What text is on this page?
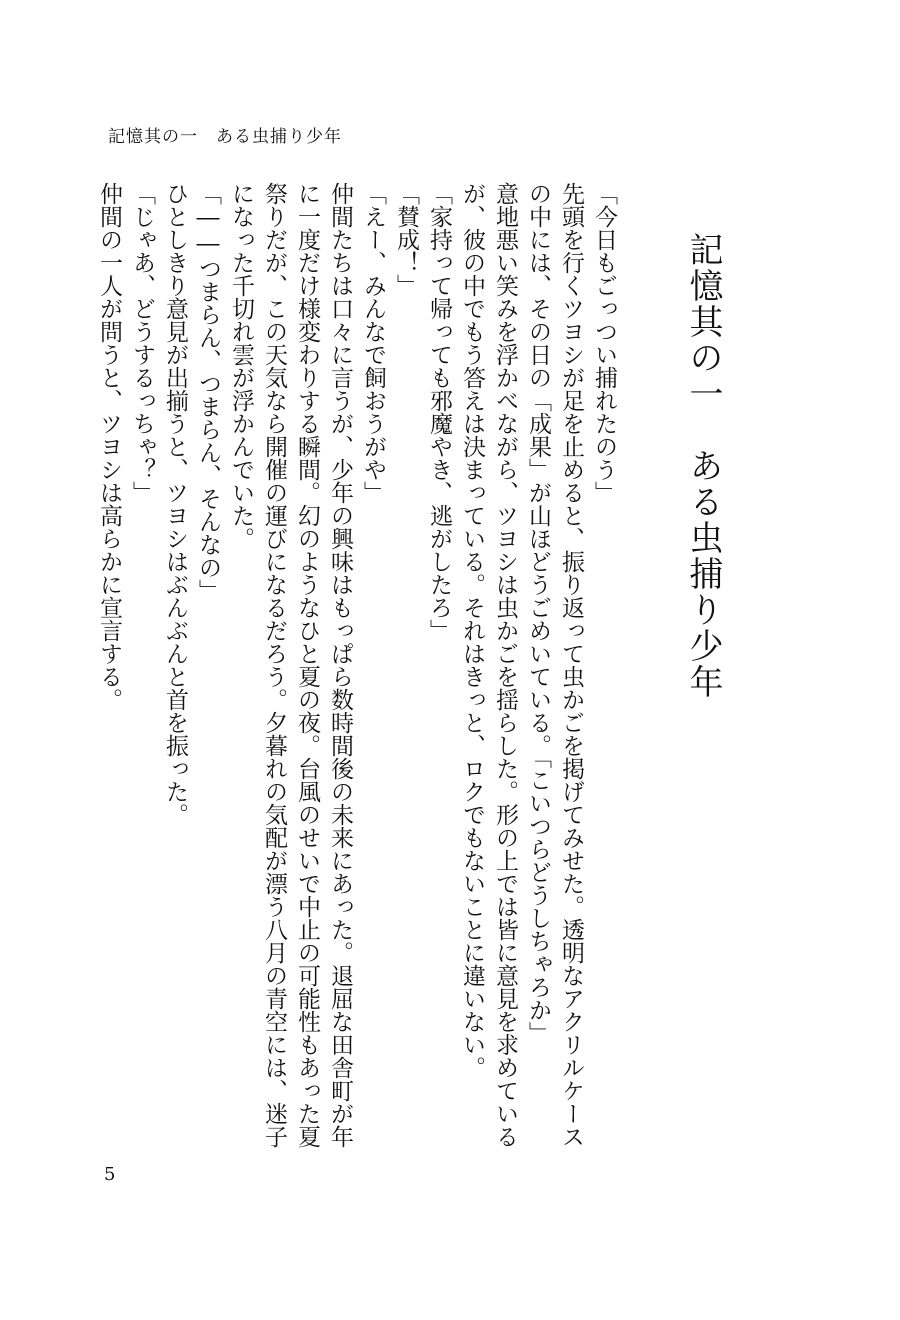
記憶其の一　ある虫捕り少年
記憶其の一　ある虫捕り少年

「今日もごっつい捕れたのう」

先頭を行くツヨシが足を止めると、振り返って虫かごを掲げてみせた。透明なアクリルケースの中には、その日の「成果」が山ほどうごめいている。「こいつらどうしちゃろか」

意地悪い笑みを浮かべながら、ツヨシは虫かごを揺らした。形の上では皆に意見を求めているが、彼の中でもう答えは決まっている。それはきっと、ロクでもないことに違いない。

「家持って帰っても邪魔やき、逃がしたろ」

「賛成！」

「えー、みんなで飼おうがや」

仲間たちは口々に言うが、少年の興味はもっぱら数時間後の未来にあった。退屈な田舎町が年に一度だけ様変わりする瞬間。幻のようなひと夏の夜。台風のせいで中止の可能性もあった夏祭りだが、この天気なら開催の運びになるだろう。夕暮れの気配が漂う八月の青空には、迷子になった千切れ雲が浮かんでいた。

「――つまらん、つまらん、そんなの」

ひとしきり意見が出揃うと、ツヨシはぶんぶんと首を振った。

「じゃあ、どうするっちゃ？」

仲間の一人が問うと、ツヨシは高らかに宣言する。

5
